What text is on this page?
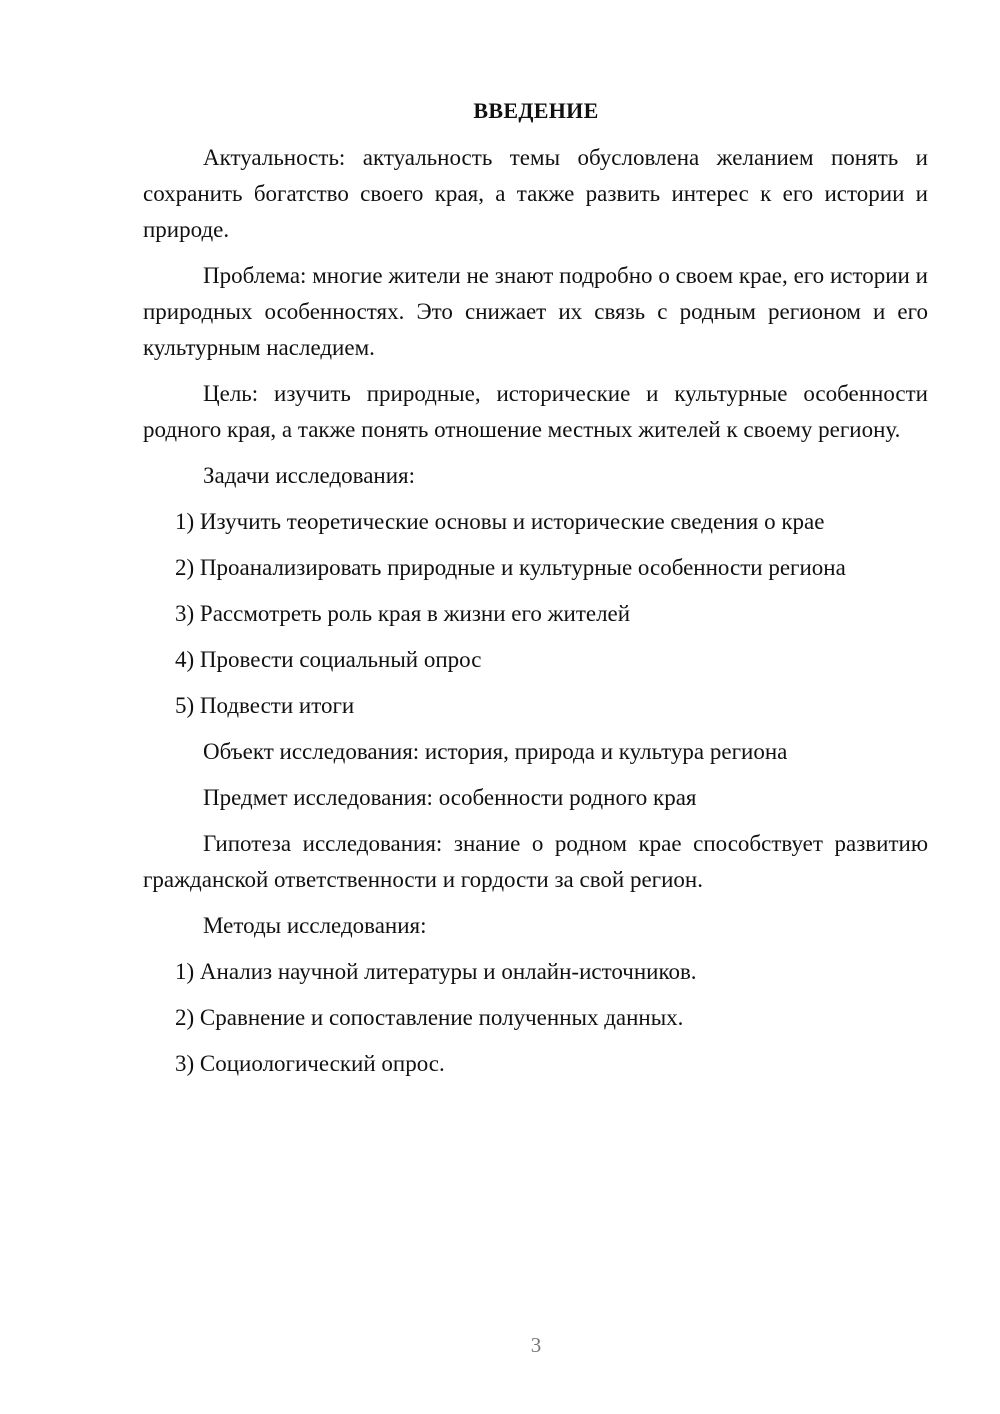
ВВЕДЕНИЕ

Актуальность: актуальность темы обусловлена желанием понять и сохранить богатство своего края, а также развить интерес к его истории и природе.

Проблема: многие жители не знают подробно о своем крае, его истории и природных особенностях. Это снижает их связь с родным регионом и его культурным наследием.

Цель: изучить природные, исторические и культурные особенности родного края, а также понять отношение местных жителей к своему региону.

Задачи исследования:

1) Изучить теоретические основы и исторические сведения о крае

2) Проанализировать природные и культурные особенности региона

3) Рассмотреть роль края в жизни его жителей

4) Провести социальный опрос

5) Подвести итоги

Объект исследования: история, природа и культура региона

Предмет исследования: особенности родного края

Гипотеза исследования: знание о родном крае способствует развитию гражданской ответственности и гордости за свой регион.

Методы исследования:

1) Анализ научной литературы и онлайн-источников.

2) Сравнение и сопоставление полученных данных.

3) Социологический опрос.

3
